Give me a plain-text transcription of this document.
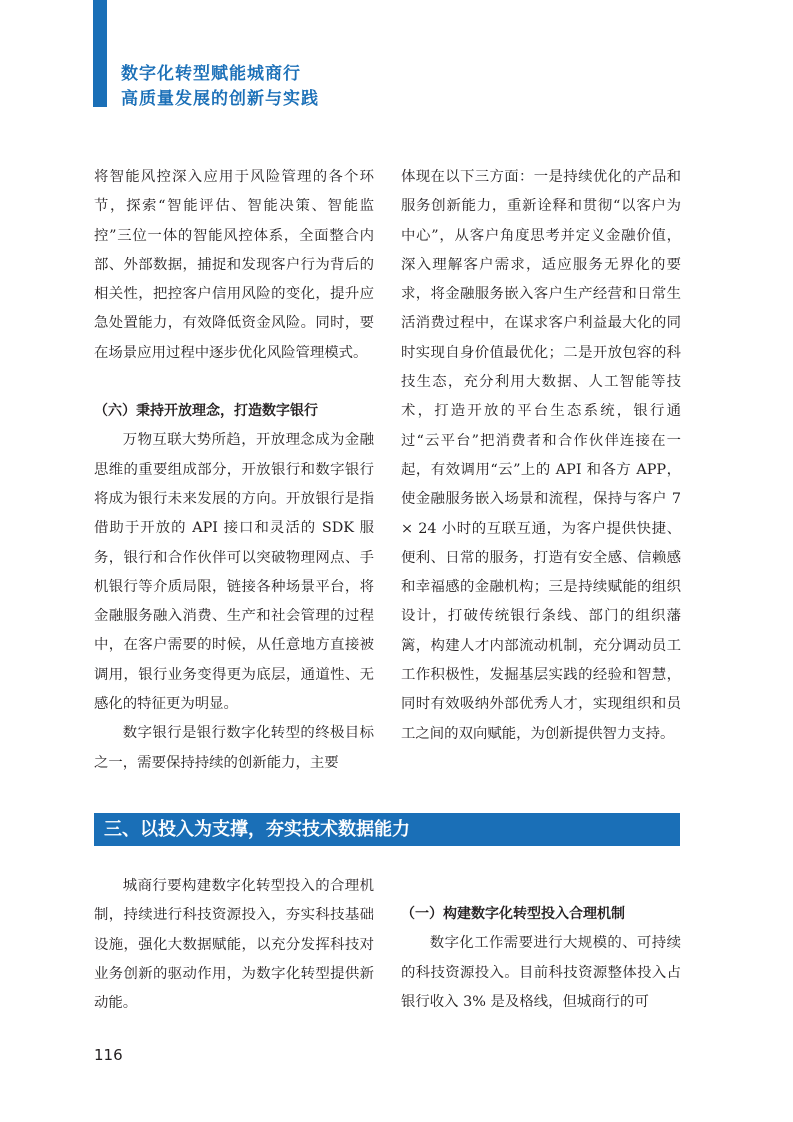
数字化转型赋能城商行
高质量发展的创新与实践

将智能风控深入应用于风险管理的各个环节，探索“智能评估、智能决策、智能监控”三位一体的智能风控体系，全面整合内部、外部数据，捕捉和发现客户行为背后的相关性，把控客户信用风险的变化，提升应急处置能力，有效降低资金风险。同时，要在场景应用过程中逐步优化风险管理模式。

（六）秉持开放理念，打造数字银行

万物互联大势所趋，开放理念成为金融思维的重要组成部分，开放银行和数字银行将成为银行未来发展的方向。开放银行是指借助于开放的 API 接口和灵活的 SDK 服务，银行和合作伙伴可以突破物理网点、手机银行等介质局限，链接各种场景平台，将金融服务融入消费、生产和社会管理的过程中，在客户需要的时候，从任意地方直接被调用，银行业务变得更为底层，通道性、无感化的特征更为明显。

数字银行是银行数字化转型的终极目标之一，需要保持持续的创新能力，主要

体现在以下三方面：一是持续优化的产品和服务创新能力，重新诠释和贯彻“以客户为中心”，从客户角度思考并定义金融价值，深入理解客户需求，适应服务无界化的要求，将金融服务嵌入客户生产经营和日常生活消费过程中，在谋求客户利益最大化的同时实现自身价值最优化；二是开放包容的科技生态，充分利用大数据、人工智能等技术，打造开放的平台生态系统，银行通过“云平台”把消费者和合作伙伴连接在一起，有效调用“云”上的 API 和各方 APP，使金融服务嵌入场景和流程，保持与客户 7 × 24 小时的互联互通，为客户提供快捷、便利、日常的服务，打造有安全感、信赖感和幸福感的金融机构；三是持续赋能的组织设计，打破传统银行条线、部门的组织藩篱，构建人才内部流动机制，充分调动员工工作积极性，发掘基层实践的经验和智慧，同时有效吸纳外部优秀人才，实现组织和员工之间的双向赋能，为创新提供智力支持。

三、以投入为支撑，夯实技术数据能力

城商行要构建数字化转型投入的合理机制，持续进行科技资源投入，夯实科技基础设施，强化大数据赋能，以充分发挥科技对业务创新的驱动作用，为数字化转型提供新动能。

（一）构建数字化转型投入合理机制

数字化工作需要进行大规模的、可持续的科技资源投入。目前科技资源整体投入占银行收入 3% 是及格线，但城商行的可

116
